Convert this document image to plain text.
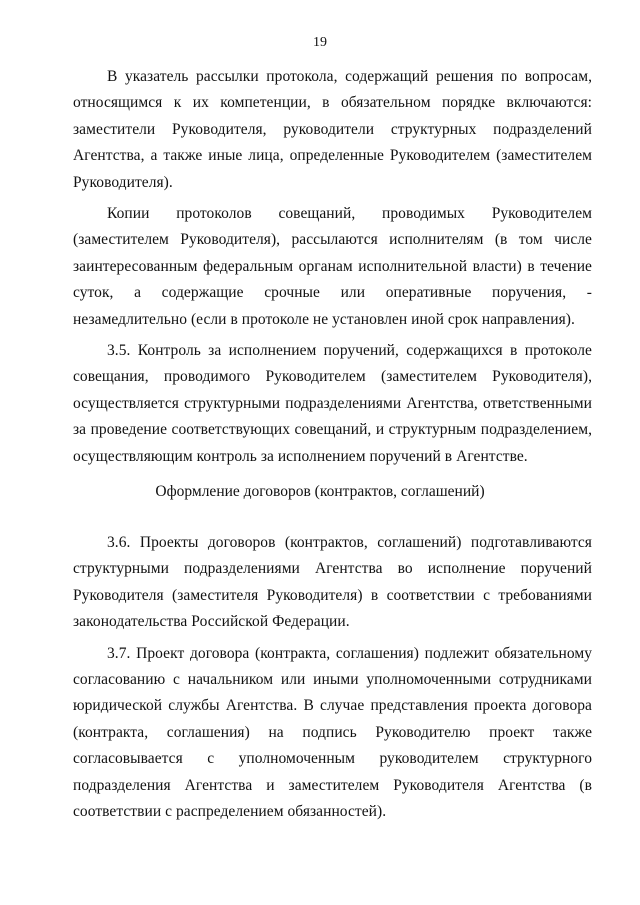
19

В указатель рассылки протокола, содержащий решения по вопросам, относящимся к их компетенции, в обязательном порядке включаются: заместители Руководителя, руководители структурных подразделений Агентства, а также иные лица, определенные Руководителем (заместителем Руководителя).

Копии протоколов совещаний, проводимых Руководителем (заместителем Руководителя), рассылаются исполнителям (в том числе заинтересованным федеральным органам исполнительной власти) в течение суток, а содержащие срочные или оперативные поручения, - незамедлительно (если в протоколе не установлен иной срок направления).

3.5. Контроль за исполнением поручений, содержащихся в протоколе совещания, проводимого Руководителем (заместителем Руководителя), осуществляется структурными подразделениями Агентства, ответственными за проведение соответствующих совещаний, и структурным подразделением, осуществляющим контроль за исполнением поручений в Агентстве.

Оформление договоров (контрактов, соглашений)

3.6. Проекты договоров (контрактов, соглашений) подготавливаются структурными подразделениями Агентства во исполнение поручений Руководителя (заместителя Руководителя) в соответствии с требованиями законодательства Российской Федерации.

3.7. Проект договора (контракта, соглашения) подлежит обязательному согласованию с начальником или иными уполномоченными сотрудниками юридической службы Агентства. В случае представления проекта договора (контракта, соглашения) на подпись Руководителю проект также согласовывается с уполномоченным руководителем структурного подразделения Агентства и заместителем Руководителя Агентства (в соответствии с распределением обязанностей).
